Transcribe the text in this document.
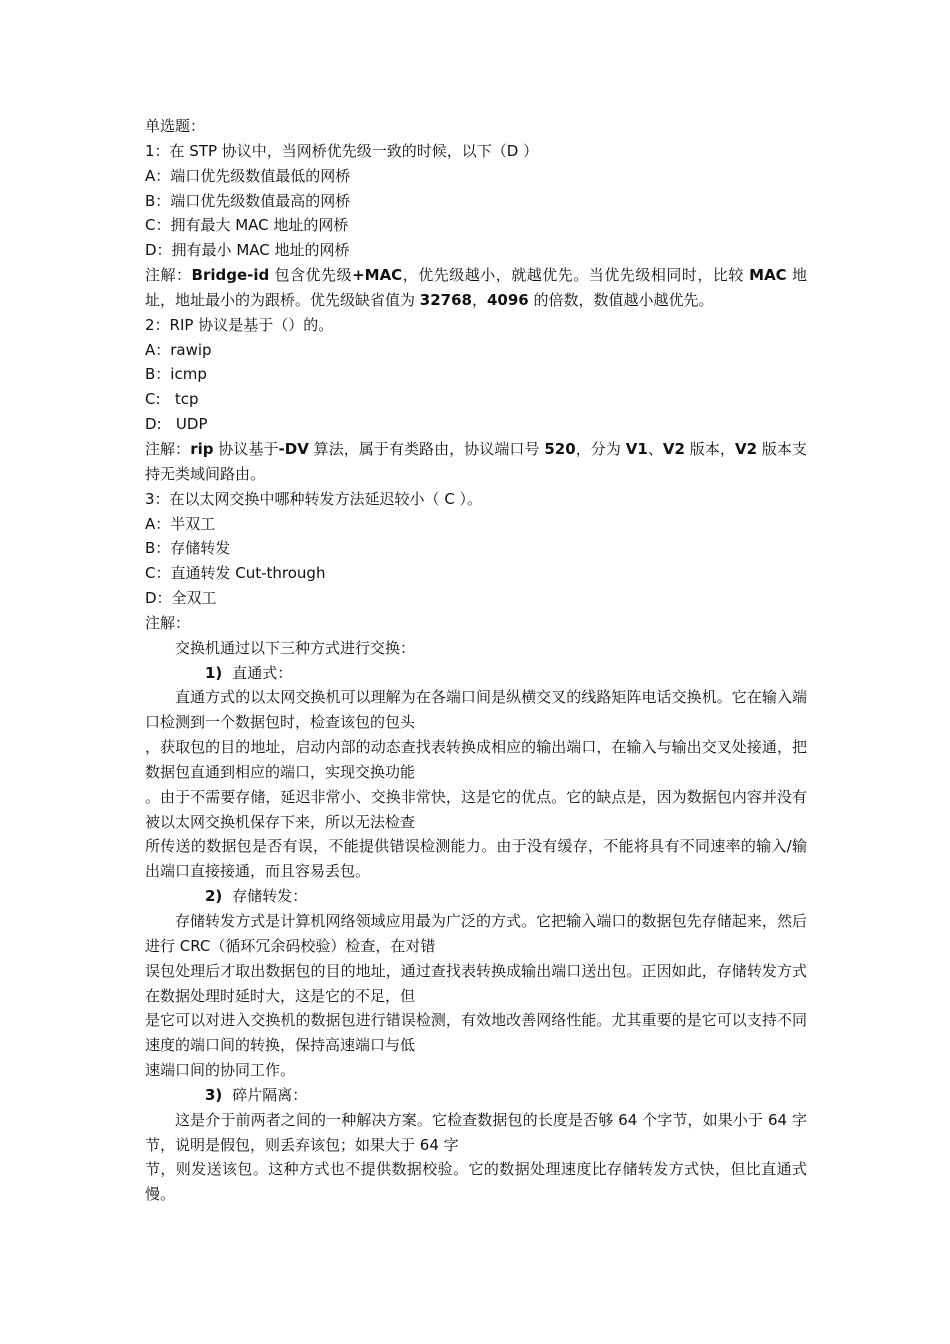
单选题：

1：在 STP 协议中，当网桥优先级一致的时候，以下（D ）

A：端口优先级数值最低的网桥

B：端口优先级数值最高的网桥

C：拥有最大 MAC 地址的网桥

D：拥有最小 MAC 地址的网桥

注解：Bridge-id 包含优先级+MAC，优先级越小，就越优先。当优先级相同时，比较 MAC 地址，地址最小的为跟桥。优先级缺省值为 32768，4096 的倍数，数值越小越优先。

2：RIP 协议是基于（）的。

A：rawip

B：icmp

C:   tcp

D:   UDP

注解：rip 协议基于-DV 算法，属于有类路由，协议端口号 520，分为 V1、V2 版本，V2 版本支持无类域间路由。

3：在以太网交换中哪种转发方法延迟较小（ C ）。

A：半双工

B：存储转发

C：直通转发 Cut-through

D：全双工

注解：

交换机通过以下三种方式进行交换：

1) 直通式：

直通方式的以太网交换机可以理解为在各端口间是纵横交叉的线路矩阵电话交换机。它在输入端口检测到一个数据包时，检查该包的包头

，获取包的目的地址，启动内部的动态查找表转换成相应的输出端口，在输入与输出交叉处接通，把数据包直通到相应的端口，实现交换功能

。由于不需要存储，延迟非常小、交换非常快，这是它的优点。它的缺点是，因为数据包内容并没有被以太网交换机保存下来，所以无法检查

所传送的数据包是否有误，不能提供错误检测能力。由于没有缓存，不能将具有不同速率的输入/输出端口直接接通，而且容易丢包。

2) 存储转发：

存储转发方式是计算机网络领域应用最为广泛的方式。它把输入端口的数据包先存储起来，然后进行 CRC（循环冗余码校验）检查，在对错

误包处理后才取出数据包的目的地址，通过查找表转换成输出端口送出包。正因如此，存储转发方式在数据处理时延时大，这是它的不足，但

是它可以对进入交换机的数据包进行错误检测，有效地改善网络性能。尤其重要的是它可以支持不同速度的端口间的转换，保持高速端口与低

速端口间的协同工作。

3) 碎片隔离：

这是介于前两者之间的一种解决方案。它检查数据包的长度是否够 64 个字节，如果小于 64 字节，说明是假包，则丢弃该包；如果大于 64 字

节，则发送该包。这种方式也不提供数据校验。它的数据处理速度比存储转发方式快，但比直通式慢。
